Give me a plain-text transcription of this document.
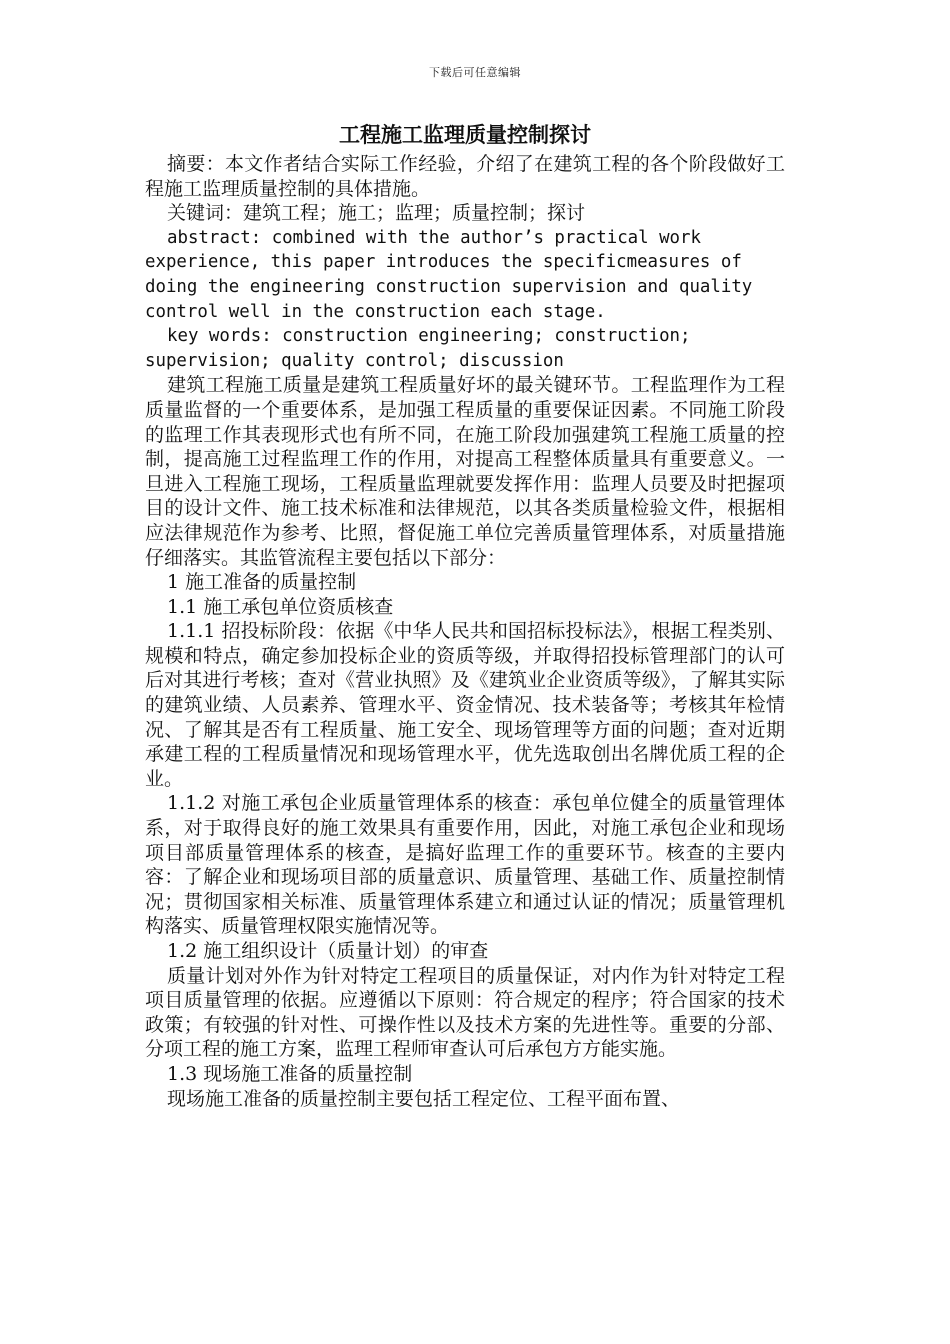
下载后可任意编辑
工程施工监理质量控制探讨

摘要：本文作者结合实际工作经验，介绍了在建筑工程的各个阶段做好工程施工监理质量控制的具体措施。

关键词：建筑工程；施工；监理；质量控制；探讨

abstract: combined with the author’s practical work experience, this paper introduces the specificmeasures of doing the engineering construction supervision and quality control well in the construction each stage.

key words: construction engineering; construction; supervision; quality control; discussion

建筑工程施工质量是建筑工程质量好坏的最关键环节。工程监理作为工程质量监督的一个重要体系，是加强工程质量的重要保证因素。不同施工阶段的监理工作其表现形式也有所不同，在施工阶段加强建筑工程施工质量的控制，提高施工过程监理工作的作用，对提高工程整体质量具有重要意义。一旦进入工程施工现场，工程质量监理就要发挥作用：监理人员要及时把握项目的设计文件、施工技术标准和法律规范，以其各类质量检验文件，根据相应法律规范作为参考、比照，督促施工单位完善质量管理体系，对质量措施仔细落实。其监管流程主要包括以下部分：

1 施工准备的质量控制

1.1 施工承包单位资质核查

1.1.1 招投标阶段：依据《中华人民共和国招标投标法》，根据工程类别、规模和特点，确定参加投标企业的资质等级，并取得招投标管理部门的认可后对其进行考核；查对《营业执照》及《建筑业企业资质等级》，了解其实际的建筑业绩、人员素养、管理水平、资金情况、技术装备等；考核其年检情况、了解其是否有工程质量、施工安全、现场管理等方面的问题；查对近期承建工程的工程质量情况和现场管理水平，优先选取创出名牌优质工程的企业。

1.1.2 对施工承包企业质量管理体系的核查：承包单位健全的质量管理体系，对于取得良好的施工效果具有重要作用，因此，对施工承包企业和现场项目部质量管理体系的核查，是搞好监理工作的重要环节。核查的主要内容：了解企业和现场项目部的质量意识、质量管理、基础工作、质量控制情况；贯彻国家相关标准、质量管理体系建立和通过认证的情况；质量管理机构落实、质量管理权限实施情况等。

1.2 施工组织设计（质量计划）的审查

质量计划对外作为针对特定工程项目的质量保证，对内作为针对特定工程项目质量管理的依据。应遵循以下原则：符合规定的程序；符合国家的技术政策；有较强的针对性、可操作性以及技术方案的先进性等。重要的分部、分项工程的施工方案，监理工程师审查认可后承包方方能实施。

1.3 现场施工准备的质量控制

现场施工准备的质量控制主要包括工程定位、工程平面布置、
